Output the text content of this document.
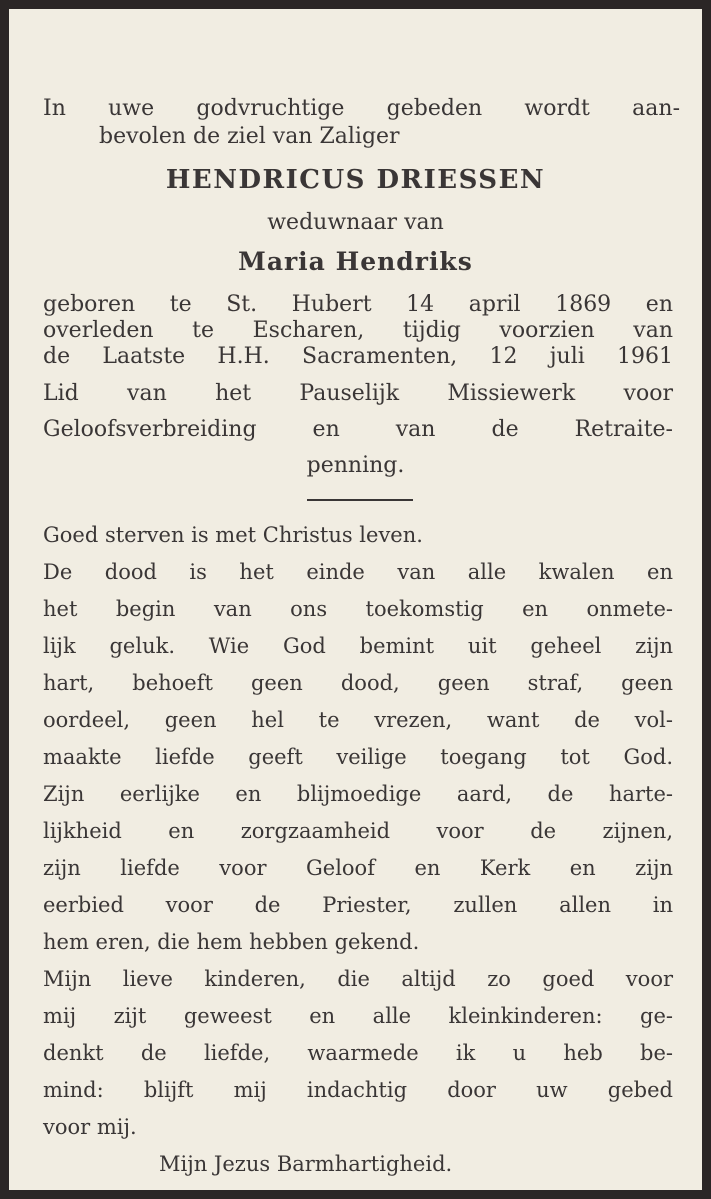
In uwe godvruchtige gebeden wordt aan-
bevolen de ziel van Zaliger
HENDRICUS DRIESSEN
weduwnaar van
Maria Hendriks
geboren te St. Hubert 14 april 1869 en
overleden te Escharen, tijdig voorzien van
de Laatste H.H. Sacramenten, 12 juli 1961
Lid van het Pauselijk Missiewerk voor
Geloofsverbreiding en van de Retraite-
penning.
Goed sterven is met Christus leven.
De dood is het einde van alle kwalen en
het begin van ons toekomstig en onmete-
lijk geluk. Wie God bemint uit geheel zijn
hart, behoeft geen dood, geen straf, geen
oordeel, geen hel te vrezen, want de vol-
maakte liefde geeft veilige toegang tot God.
Zijn eerlijke en blijmoedige aard, de harte-
lijkheid en zorgzaamheid voor de zijnen,
zijn liefde voor Geloof en Kerk en zijn
eerbied voor de Priester, zullen allen in
hem eren, die hem hebben gekend.
Mijn lieve kinderen, die altijd zo goed voor
mij zijt geweest en alle kleinkinderen: ge-
denkt de liefde, waarmede ik u heb be-
mind: blijft mij indachtig door uw gebed
voor mij.
Mijn Jezus Barmhartigheid.
